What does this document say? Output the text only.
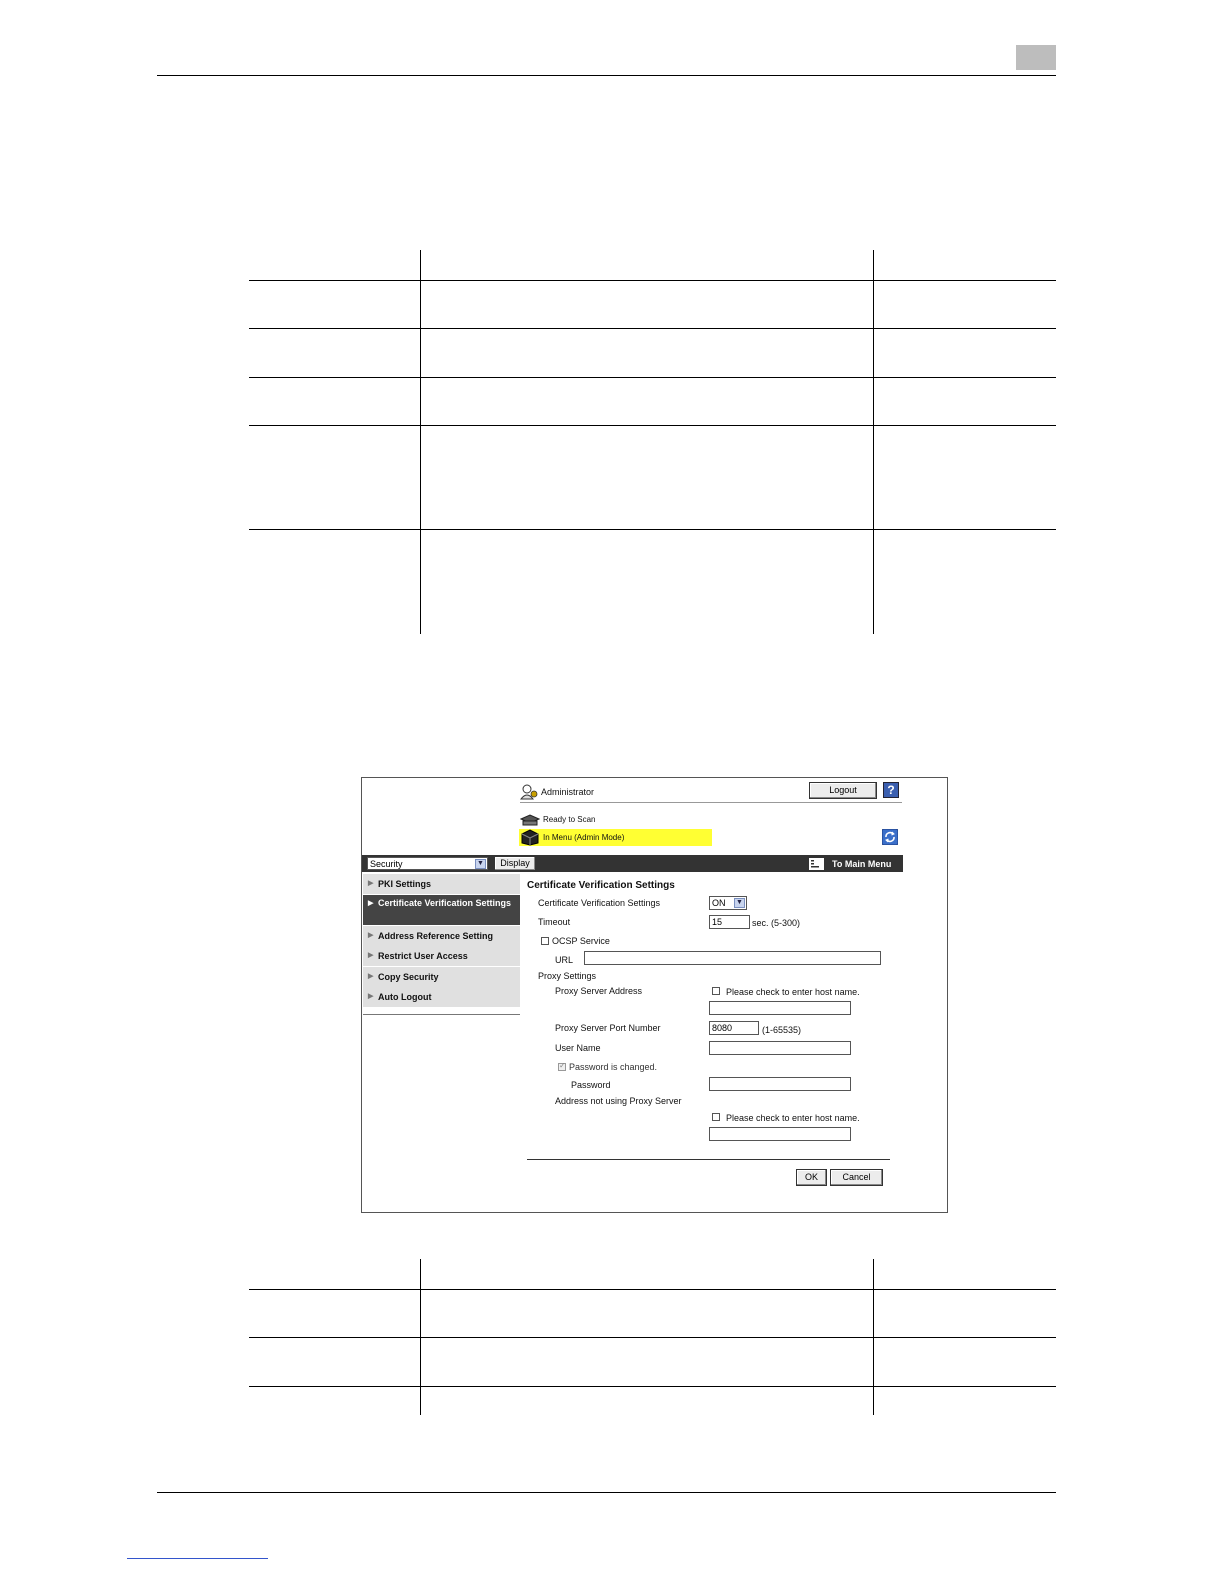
Administrator	Logout	?
Ready to Scan
In Menu (Admin Mode)
Security	▼	Display	To Main Menu
▶ PKI Settings
▶ Certificate Verification Settings
▶ Address Reference Setting
▶ Restrict User Access
▶ Copy Security
▶ Auto Logout
Certificate Verification Settings
Certificate Verification Settings	ON ▼
Timeout	15	sec. (5-300)
OCSP Service
URL
Proxy Settings
Proxy Server Address	Please check to enter host name.
Proxy Server Port Number	8080	(1-65535)
User Name
✓
Password is changed.
Password
Address not using Proxy Server
Please check to enter host name.
OK	Cancel
